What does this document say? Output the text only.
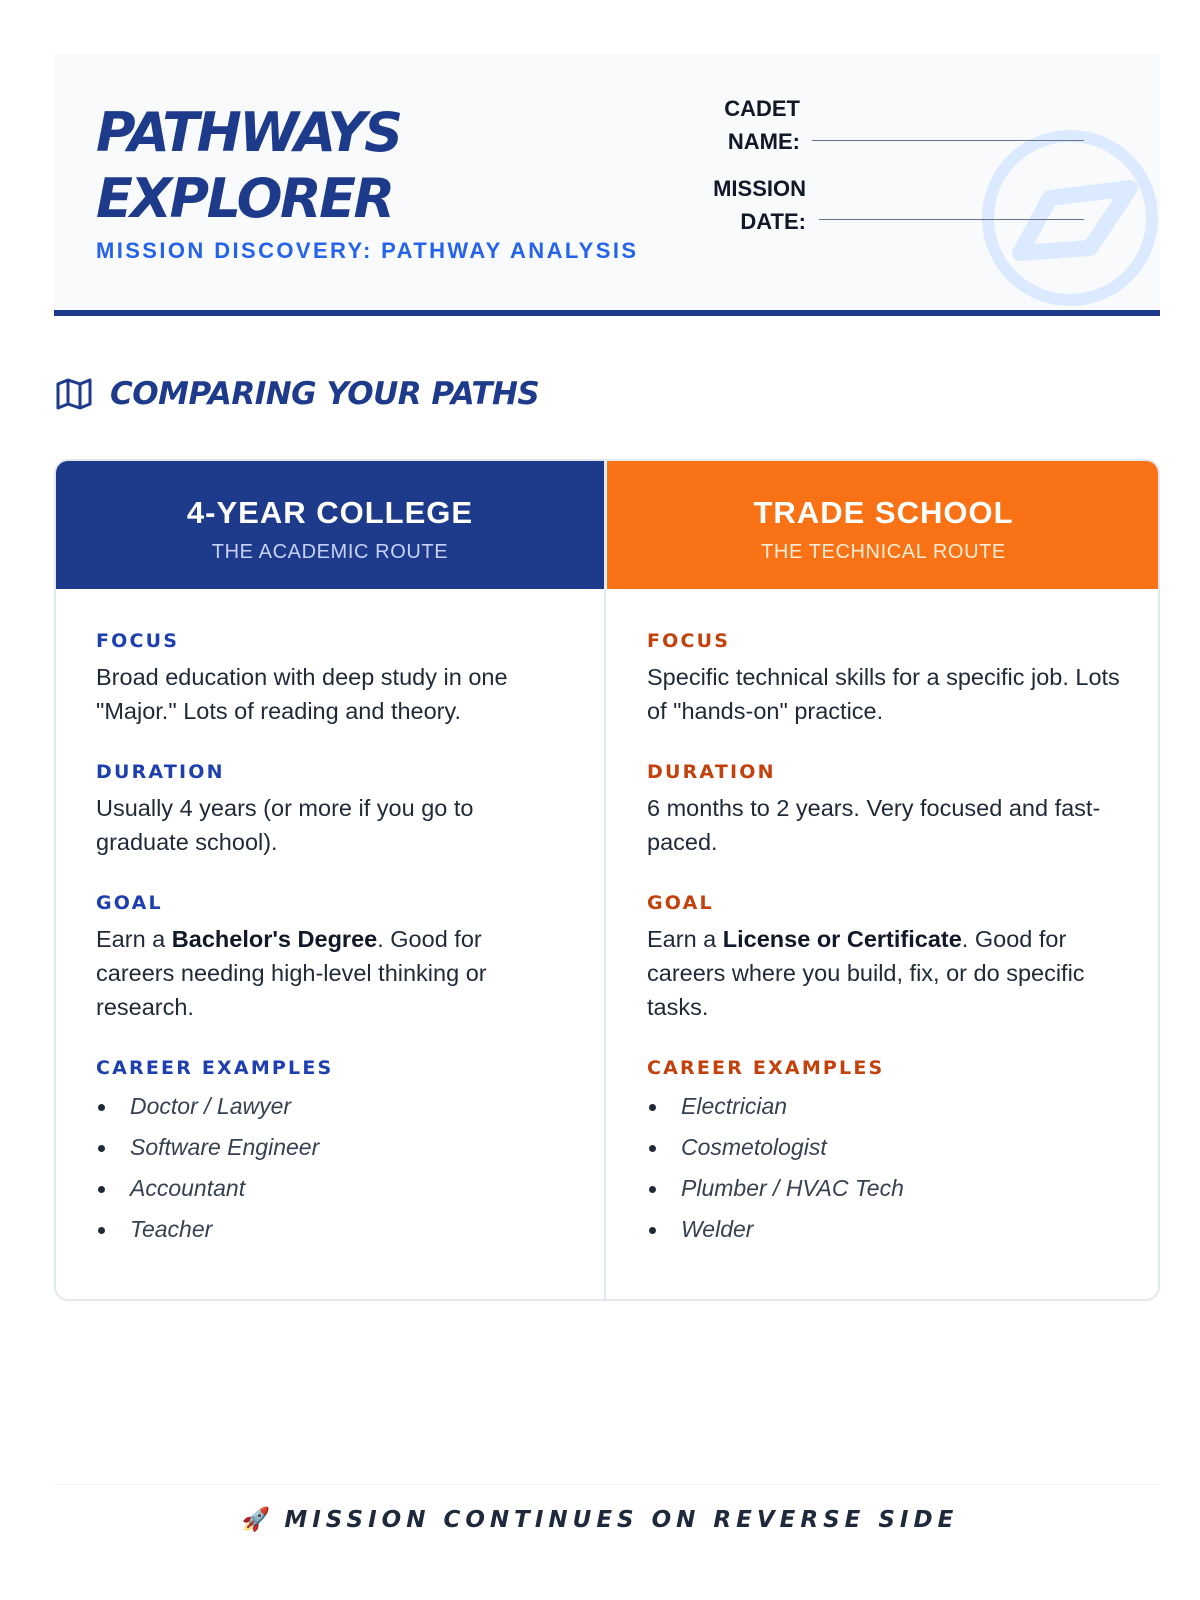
PATHWAYS
EXPLORER
MISSION DISCOVERY: PATHWAY ANALYSIS
CADET
NAME:
MISSION
DATE:
COMPARING YOUR PATHS
4-YEAR COLLEGE
THE ACADEMIC ROUTE
FOCUS
Broad education with deep study in one "Major." Lots of reading and theory.
DURATION
Usually 4 years (or more if you go to graduate school).
GOAL
Earn a Bachelor's Degree. Good for careers needing high-level thinking or research.
CAREER EXAMPLES
Doctor / Lawyer
Software Engineer
Accountant
Teacher
TRADE SCHOOL
THE TECHNICAL ROUTE
FOCUS
Specific technical skills for a specific job. Lots of "hands-on" practice.
DURATION
6 months to 2 years. Very focused and fast-paced.
GOAL
Earn a License or Certificate. Good for careers where you build, fix, or do specific tasks.
CAREER EXAMPLES
Electrician
Cosmetologist
Plumber / HVAC Tech
Welder
🚀 MISSION CONTINUES ON REVERSE SIDE
